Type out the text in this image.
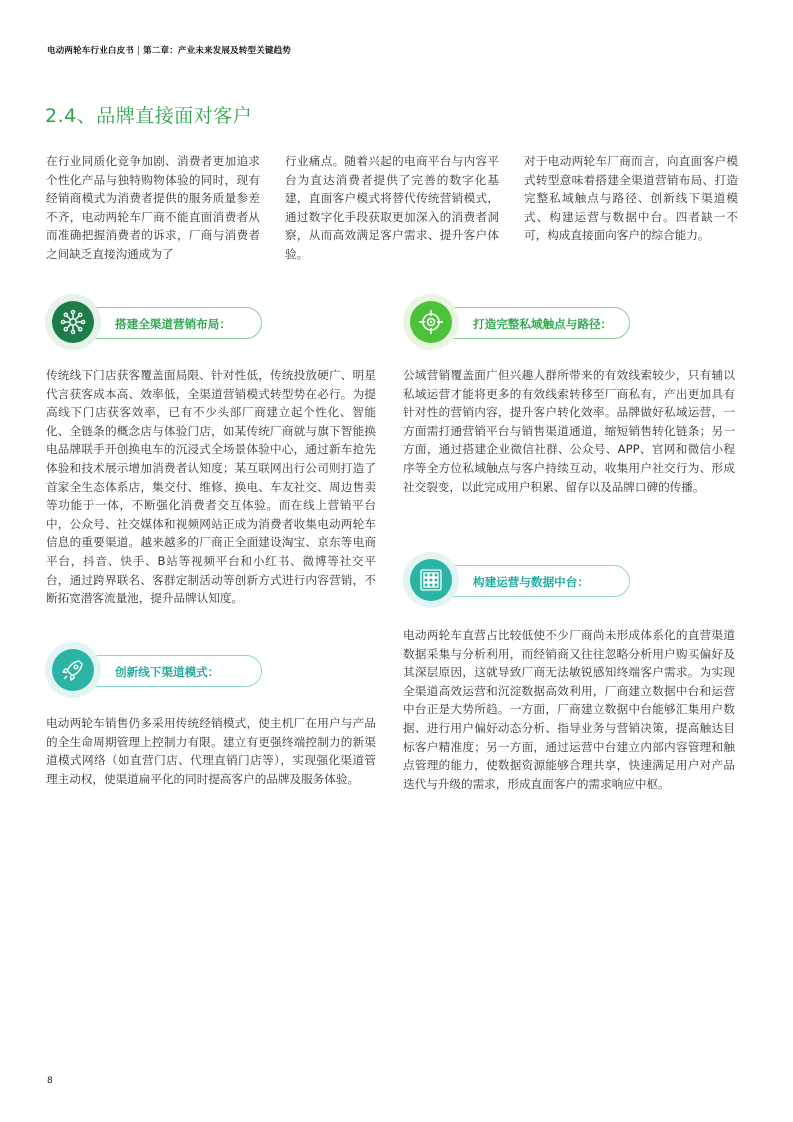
电动两轮车行业白皮书 | 第二章：产业未来发展及转型关键趋势
2.4、品牌直接面对客户
在行业同质化竞争加剧、消费者更加追求个性化产品与独特购物体验的同时，现有经销商模式为消费者提供的服务质量参差不齐，电动两轮车厂商不能直面消费者从而准确把握消费者的诉求，厂商与消费者之间缺乏直接沟通成为了
行业痛点。随着兴起的电商平台与内容平台为直达消费者提供了完善的数字化基建，直面客户模式将替代传统营销模式，通过数字化手段获取更加深入的消费者洞察，从而高效满足客户需求、提升客户体验。
对于电动两轮车厂商而言，向直面客户模式转型意味着搭建全渠道营销布局、打造完整私域触点与路径、创新线下渠道模式、构建运营与数据中台。四者缺一不可，构成直接面向客户的综合能力。
搭建全渠道营销布局：
传统线下门店获客覆盖面局限、针对性低，传统投放硬广、明星代言获客成本高、效率低，全渠道营销模式转型势在必行。为提高线下门店获客效率，已有不少头部厂商建立起个性化、智能化、全链条的概念店与体验门店，如某传统厂商就与旗下智能换电品牌联手开创换电车的沉浸式全场景体验中心，通过新车抢先体验和技术展示增加消费者认知度；某互联网出行公司则打造了首家全生态体系店，集交付、维修、换电、车友社交、周边售卖等功能于一体，不断强化消费者交互体验。而在线上营销平台中，公众号、社交媒体和视频网站正成为消费者收集电动两轮车信息的重要渠道。越来越多的厂商正全面建设淘宝、京东等电商平台，抖音、快手、B站等视频平台和小红书、微博等社交平台，通过跨界联名、客群定制活动等创新方式进行内容营销，不断拓宽潜客流量池，提升品牌认知度。
打造完整私域触点与路径：
公域营销覆盖面广但兴趣人群所带来的有效线索较少，只有辅以私域运营才能将更多的有效线索转移至厂商私有，产出更加具有针对性的营销内容，提升客户转化效率。品牌做好私域运营，一方面需打通营销平台与销售渠道通道，缩短销售转化链条；另一方面，通过搭建企业微信社群、公众号、APP、官网和微信小程序等全方位私域触点与客户持续互动，收集用户社交行为、形成社交裂变，以此完成用户积累、留存以及品牌口碑的传播。
构建运营与数据中台：
电动两轮车直营占比较低使不少厂商尚未形成体系化的直营渠道数据采集与分析利用，而经销商又往往忽略分析用户购买偏好及其深层原因，这就导致厂商无法敏锐感知终端客户需求。为实现全渠道高效运营和沉淀数据高效利用，厂商建立数据中台和运营中台正是大势所趋。一方面，厂商建立数据中台能够汇集用户数据、进行用户偏好动态分析、指导业务与营销决策，提高触达目标客户精准度；另一方面，通过运营中台建立内部内容管理和触点管理的能力，使数据资源能够合理共享，快速满足用户对产品迭代与升级的需求，形成直面客户的需求响应中枢。
创新线下渠道模式：
电动两轮车销售仍多采用传统经销模式，使主机厂在用户与产品的全生命周期管理上控制力有限。建立有更强终端控制力的新渠道模式网络（如直营门店、代理直销门店等），实现强化渠道管理主动权，使渠道扁平化的同时提高客户的品牌及服务体验。
8
